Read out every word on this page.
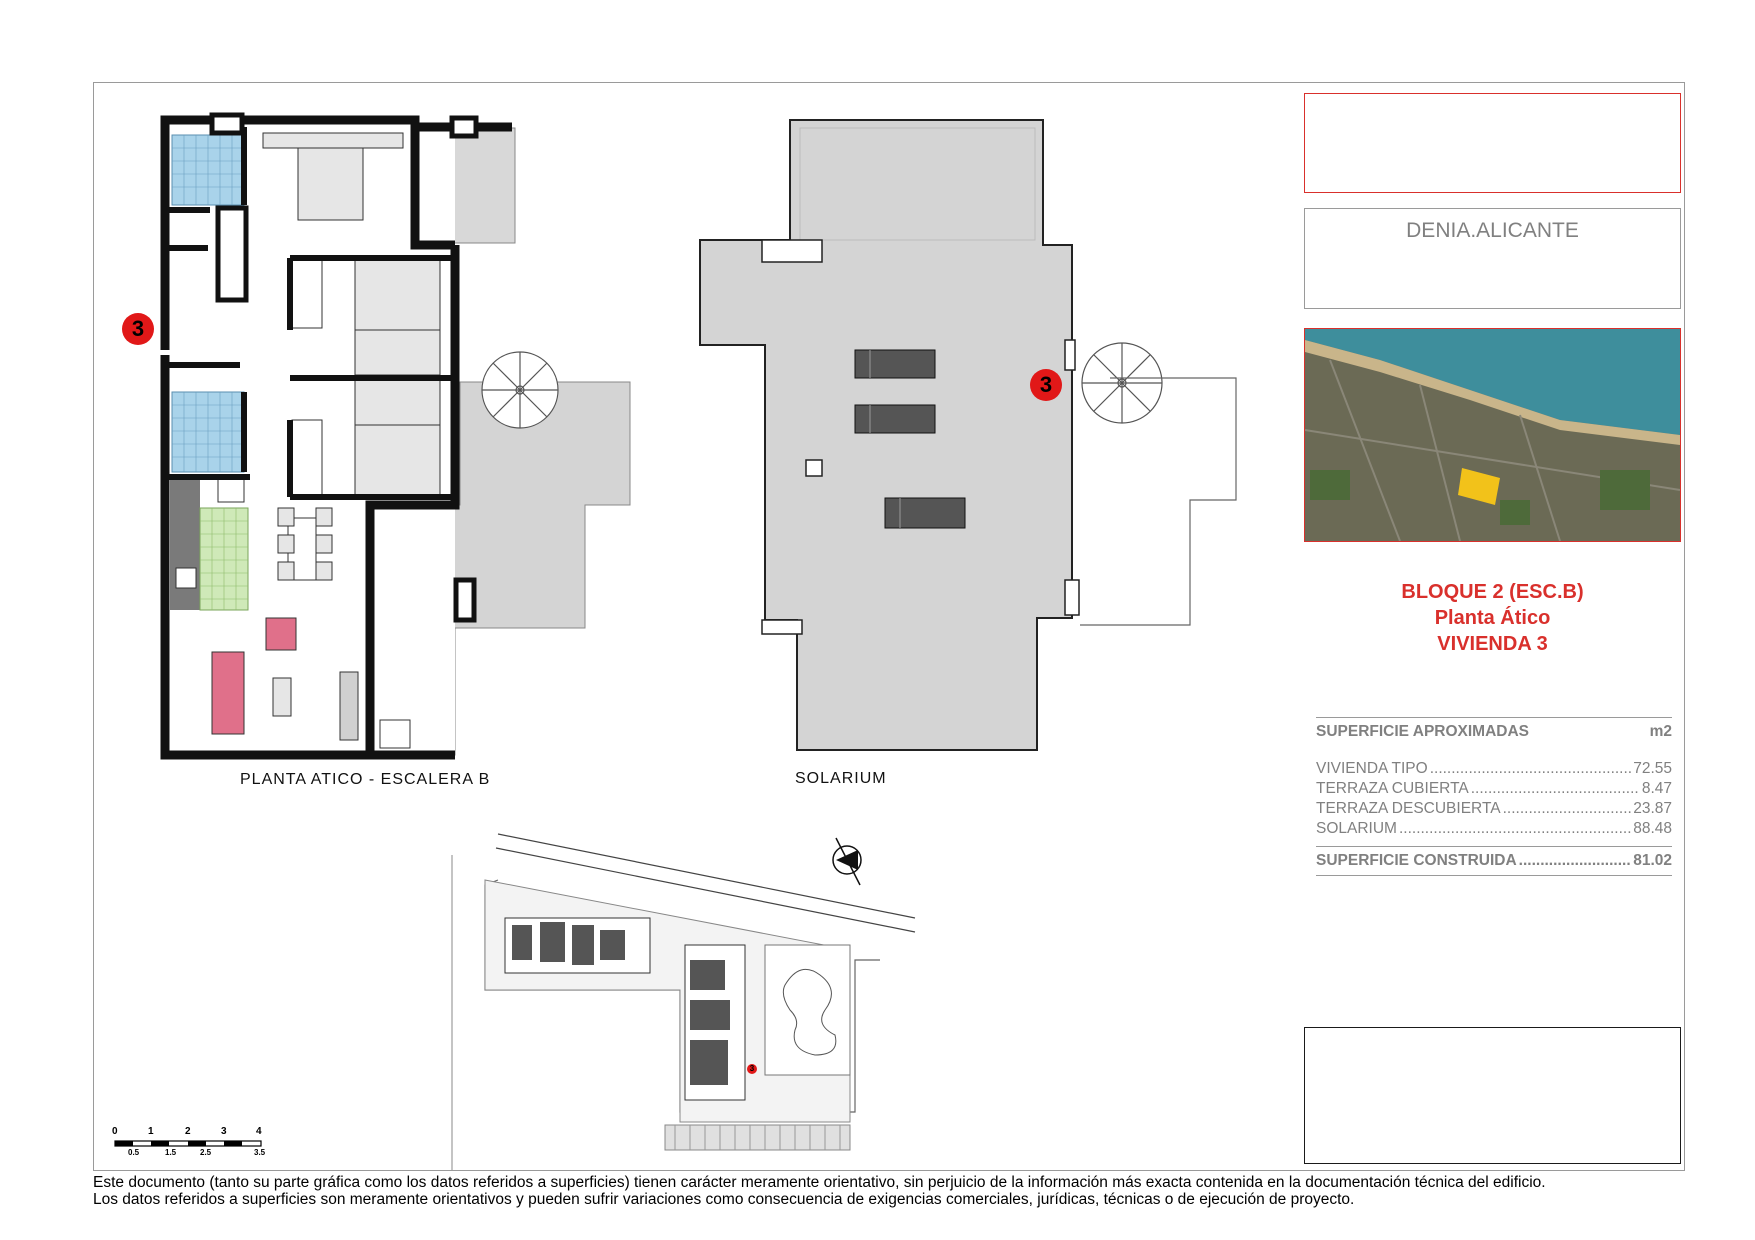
3
3
3
PLANTA ATICO - ESCALERA B	SOLARIUM
0	1	2	3	4
0.5	1.5	2.5	3.5
DENIA.ALICANTE
BLOQUE 2 (ESC.B)
Planta Ático
VIVIENDA 3
SUPERFICIE APROXIMADAS	m2
VIVIENDA TIPO .....	72.55
TERRAZA CUBIERTA .....	8.47
TERRAZA DESCUBIERTA .....	23.87
SOLARIUM .....	88.48
SUPERFICIE CONSTRUIDA .....	81.02
Este documento (tanto su parte gráfica como los datos referidos a superficies) tienen carácter meramente orientativo, sin perjuicio de la información más exacta contenida en la documentación técnica del edificio.
Los datos referidos a superficies son meramente orientativos y pueden sufrir variaciones como consecuencia de exigencias comerciales, jurídicas, técnicas o de ejecución de proyecto.
